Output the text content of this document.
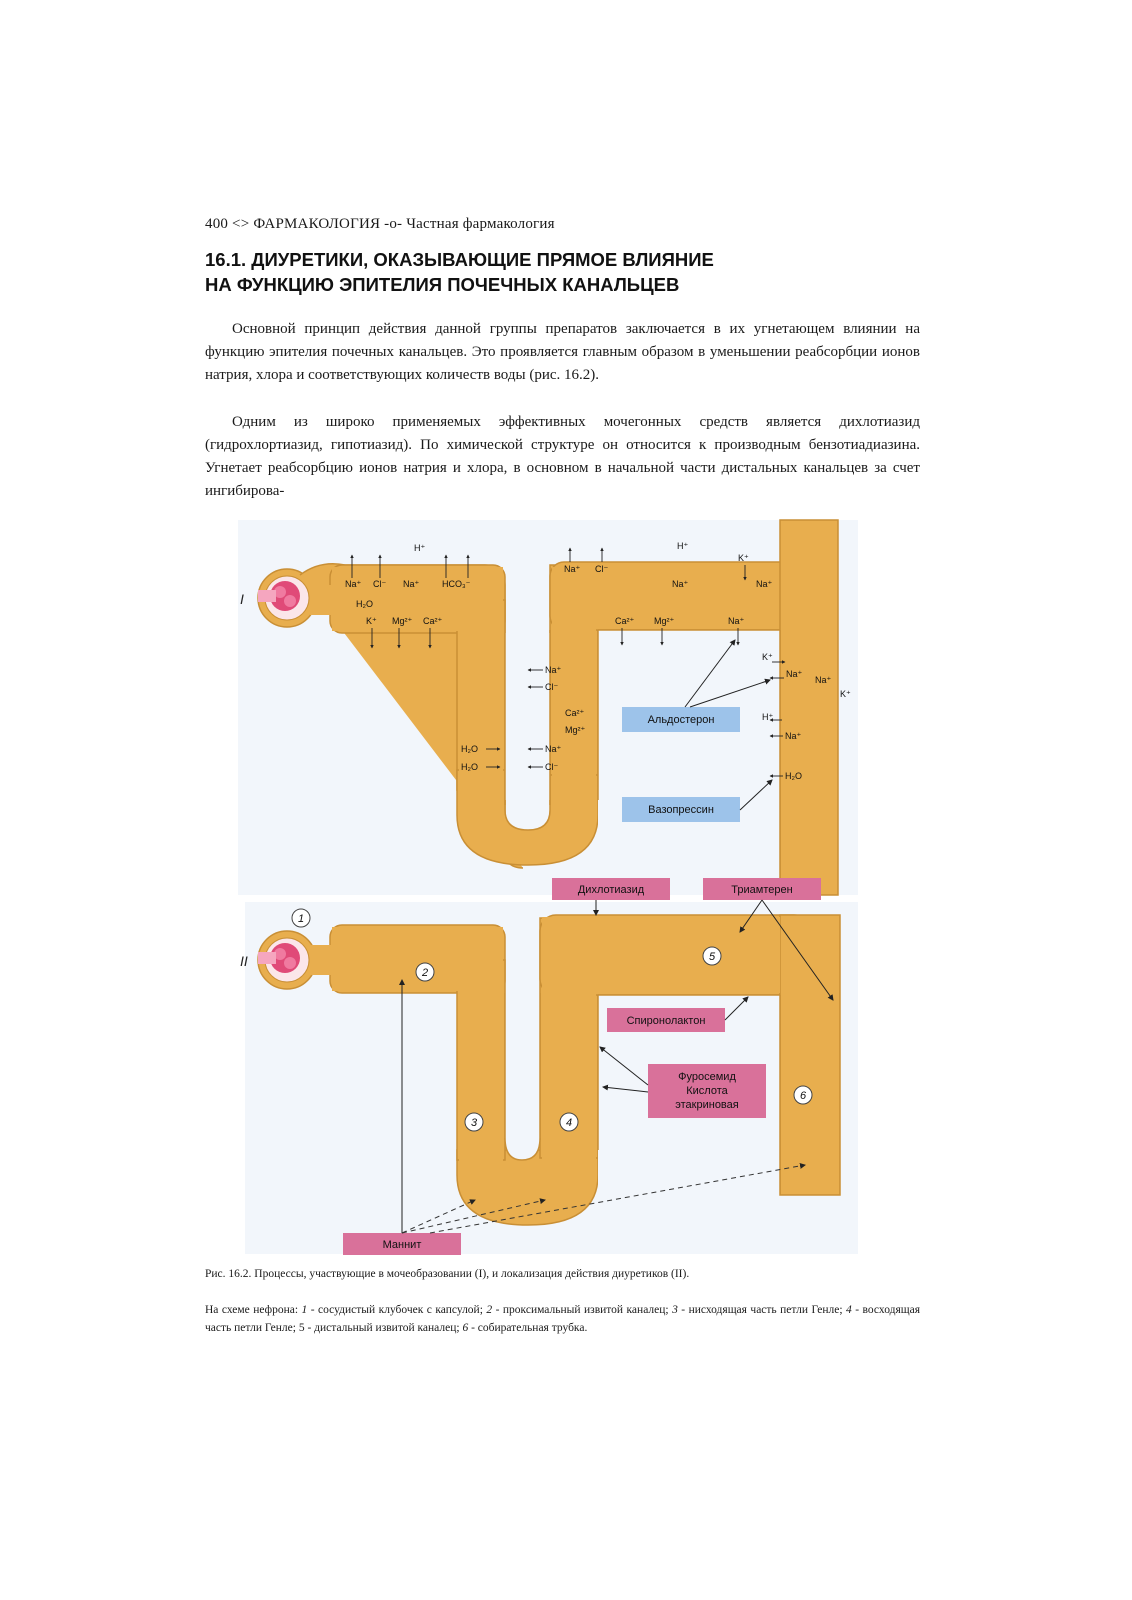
400 <> ФАРМАКОЛОГИЯ -о- Частная фармакология
16.1. ДИУРЕТИКИ, ОКАЗЫВАЮЩИЕ ПРЯМОЕ ВЛИЯНИЕ
НА ФУНКЦИЮ ЭПИТЕЛИЯ ПОЧЕЧНЫХ КАНАЛЬЦЕВ
Основной принцип действия данной группы препаратов заключается в их угнетающем влиянии на функцию эпителия почечных канальцев. Это проявляется главным образом в уменьшении реабсорбции ионов натрия, хлора и соответствующих количеств воды (рис. 16.2).
Одним из широко применяемых эффективных мочегонных средств является дихлотиазид (гидрохлортиазид, гипотиазид). По химической структуре он относится к производным бензотиадиазина. Угнетает реабсорбцию ионов натрия и хлора, в основном в начальной части дистальных канальцев за счет ингибирова-
I
Na⁺ Cl⁻
H⁺
Na⁺	HCO₃⁻
H₂O
K⁺ Mg²⁺ Ca²⁺
H₂O
H₂O
Na⁺
Cl⁻
Ca²⁺
Mg²⁺
Na⁺
Cl⁻
Na⁺ Cl⁻
H⁺
Na⁺
K⁺
Na⁺
Ca²⁺ Mg²⁺	Na⁺
K⁺
Na⁺
Na⁺
K⁺
H⁺
Na⁺
H₂O
Альдостерон
Вазопрессин
II
1
2
3	4
5
6
Дихлотиазид	Триамтерен
Спиронолактон
Фуросемид
Кислота
этакриновая
Маннит
Рис. 16.2. Процессы, участвующие в мочеобразовании (I), и локализация действия диуретиков (II).
На схеме нефрона: 1 - сосудистый клубочек с капсулой; 2 - проксимальный извитой каналец; 3 - нисходящая часть петли Генле; 4 - восходящая часть петли Генле; 5 - дистальный извитой каналец; 6 - собирательная трубка.
